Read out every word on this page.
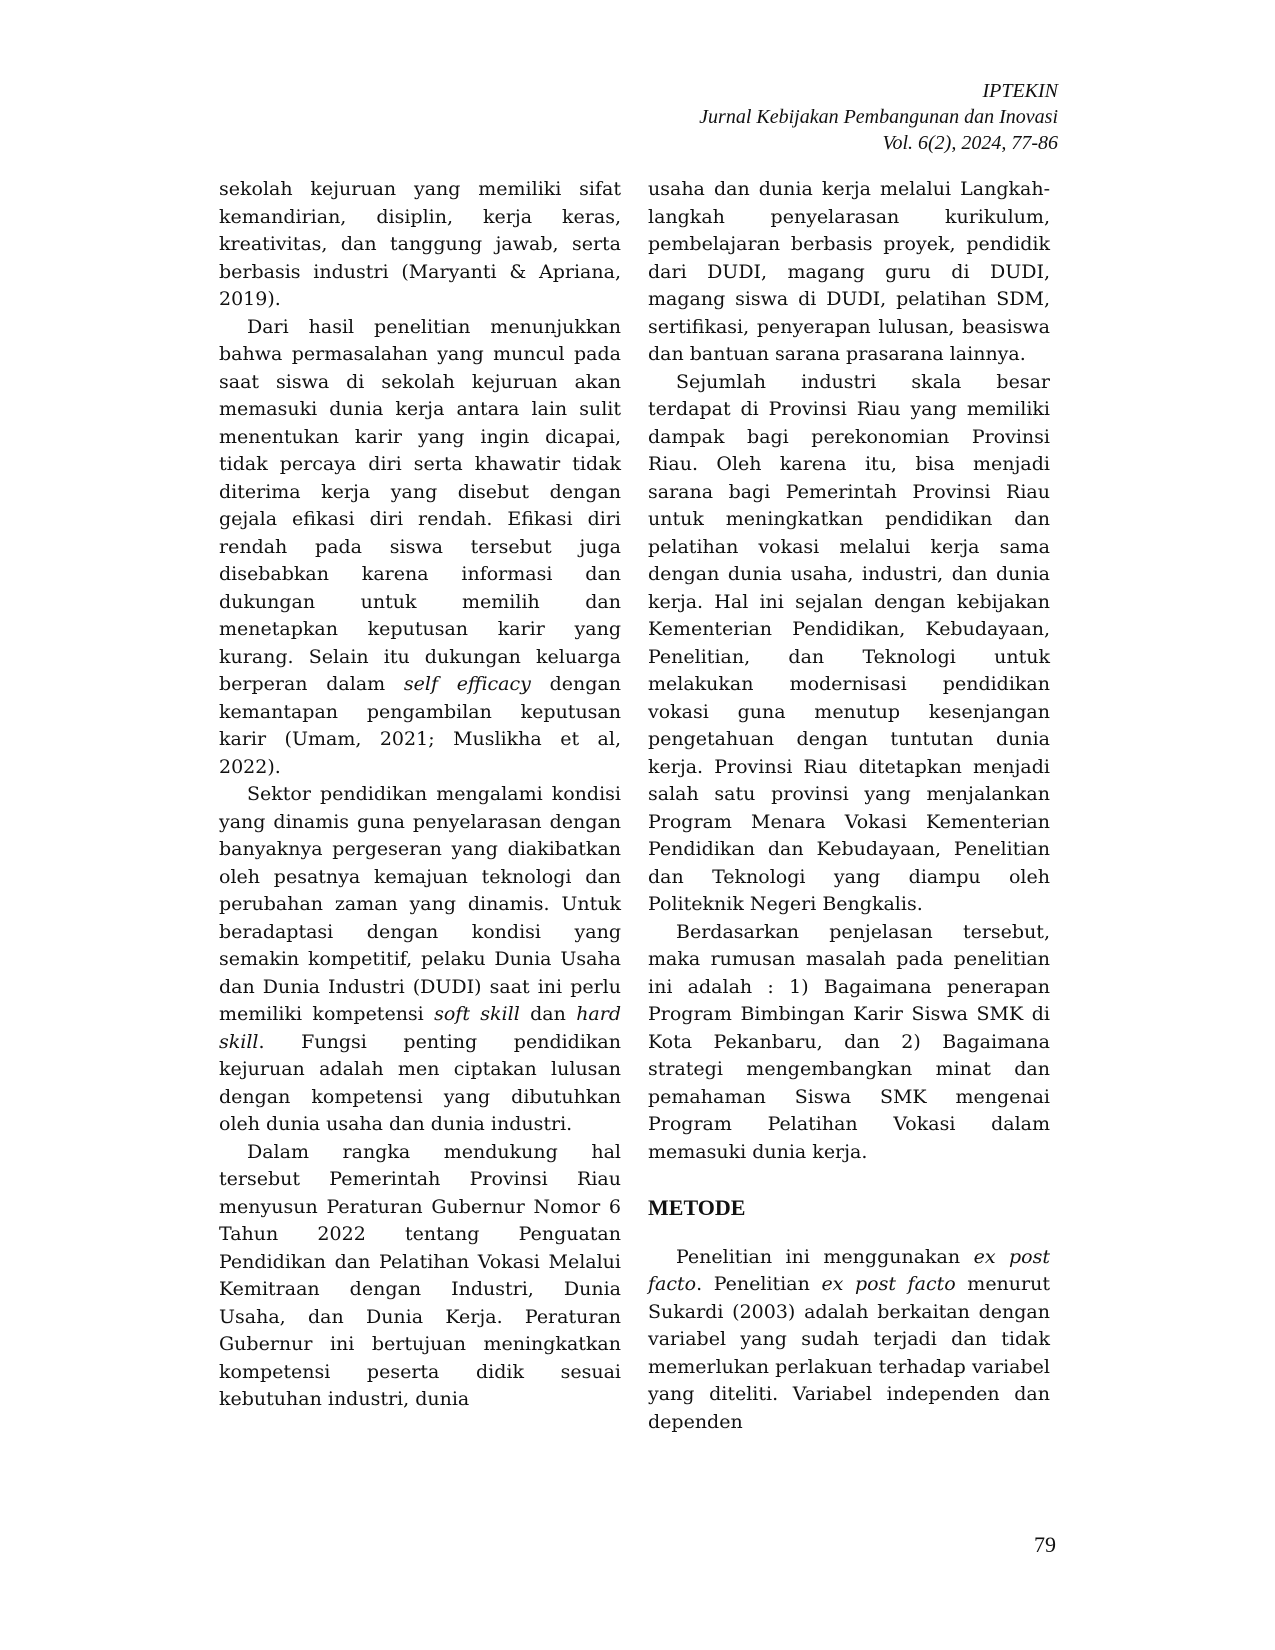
IPTEKIN
Jurnal Kebijakan Pembangunan dan Inovasi
Vol. 6(2), 2024, 77-86

sekolah kejuruan yang memiliki sifat kemandirian, disiplin, kerja keras, kreativitas, dan tanggung jawab, serta berbasis industri (Maryanti & Apriana, 2019).

Dari hasil penelitian menunjukkan bahwa permasalahan yang muncul pada saat siswa di sekolah kejuruan akan memasuki dunia kerja antara lain sulit menentukan karir yang ingin dicapai, tidak percaya diri serta khawatir tidak diterima kerja yang disebut dengan gejala efikasi diri rendah. Efikasi diri rendah pada siswa tersebut juga disebabkan karena informasi dan dukungan untuk memilih dan menetapkan keputusan karir yang kurang. Selain itu dukungan keluarga berperan dalam self efficacy dengan kemantapan pengambilan keputusan karir (Umam, 2021; Muslikha et al, 2022).

Sektor pendidikan mengalami kondisi yang dinamis guna penyelarasan dengan banyaknya pergeseran yang diakibatkan oleh pesatnya kemajuan teknologi dan perubahan zaman yang dinamis. Untuk beradaptasi dengan kondisi yang semakin kompetitif, pelaku Dunia Usaha dan Dunia Industri (DUDI) saat ini perlu memiliki kompetensi soft skill dan hard skill. Fungsi penting pendidikan kejuruan adalah men ciptakan lulusan dengan kompetensi yang dibutuhkan oleh dunia usaha dan dunia industri.

Dalam rangka mendukung hal tersebut Pemerintah Provinsi Riau menyusun Peraturan Gubernur Nomor 6 Tahun 2022 tentang Penguatan Pendidikan dan Pelatihan Vokasi Melalui Kemitraan dengan Industri, Dunia Usaha, dan Dunia Kerja. Peraturan Gubernur ini bertujuan meningkatkan kompetensi peserta didik sesuai kebutuhan industri, dunia

usaha dan dunia kerja melalui Langkah-langkah penyelarasan kurikulum, pembelajaran berbasis proyek, pendidik dari DUDI, magang guru di DUDI, magang siswa di DUDI, pelatihan SDM, sertifikasi, penyerapan lulusan, beasiswa dan bantuan sarana prasarana lainnya.

Sejumlah industri skala besar terdapat di Provinsi Riau yang memiliki dampak bagi perekonomian Provinsi Riau. Oleh karena itu, bisa menjadi sarana bagi Pemerintah Provinsi Riau untuk meningkatkan pendidikan dan pelatihan vokasi melalui kerja sama dengan dunia usaha, industri, dan dunia kerja. Hal ini sejalan dengan kebijakan Kementerian Pendidikan, Kebudayaan, Penelitian, dan Teknologi untuk melakukan modernisasi pendidikan vokasi guna menutup kesenjangan pengetahuan dengan tuntutan dunia kerja. Provinsi Riau ditetapkan menjadi salah satu provinsi yang menjalankan Program Menara Vokasi Kementerian Pendidikan dan Kebudayaan, Penelitian dan Teknologi yang diampu oleh Politeknik Negeri Bengkalis.

Berdasarkan penjelasan tersebut, maka rumusan masalah pada penelitian ini adalah : 1) Bagaimana penerapan Program Bimbingan Karir Siswa SMK di Kota Pekanbaru, dan 2) Bagaimana strategi mengembangkan minat dan pemahaman Siswa SMK mengenai Program Pelatihan Vokasi dalam memasuki dunia kerja.

METODE

Penelitian ini menggunakan ex post facto. Penelitian ex post facto menurut Sukardi (2003) adalah berkaitan dengan variabel yang sudah terjadi dan tidak memerlukan perlakuan terhadap variabel yang diteliti. Variabel independen dan dependen

79
